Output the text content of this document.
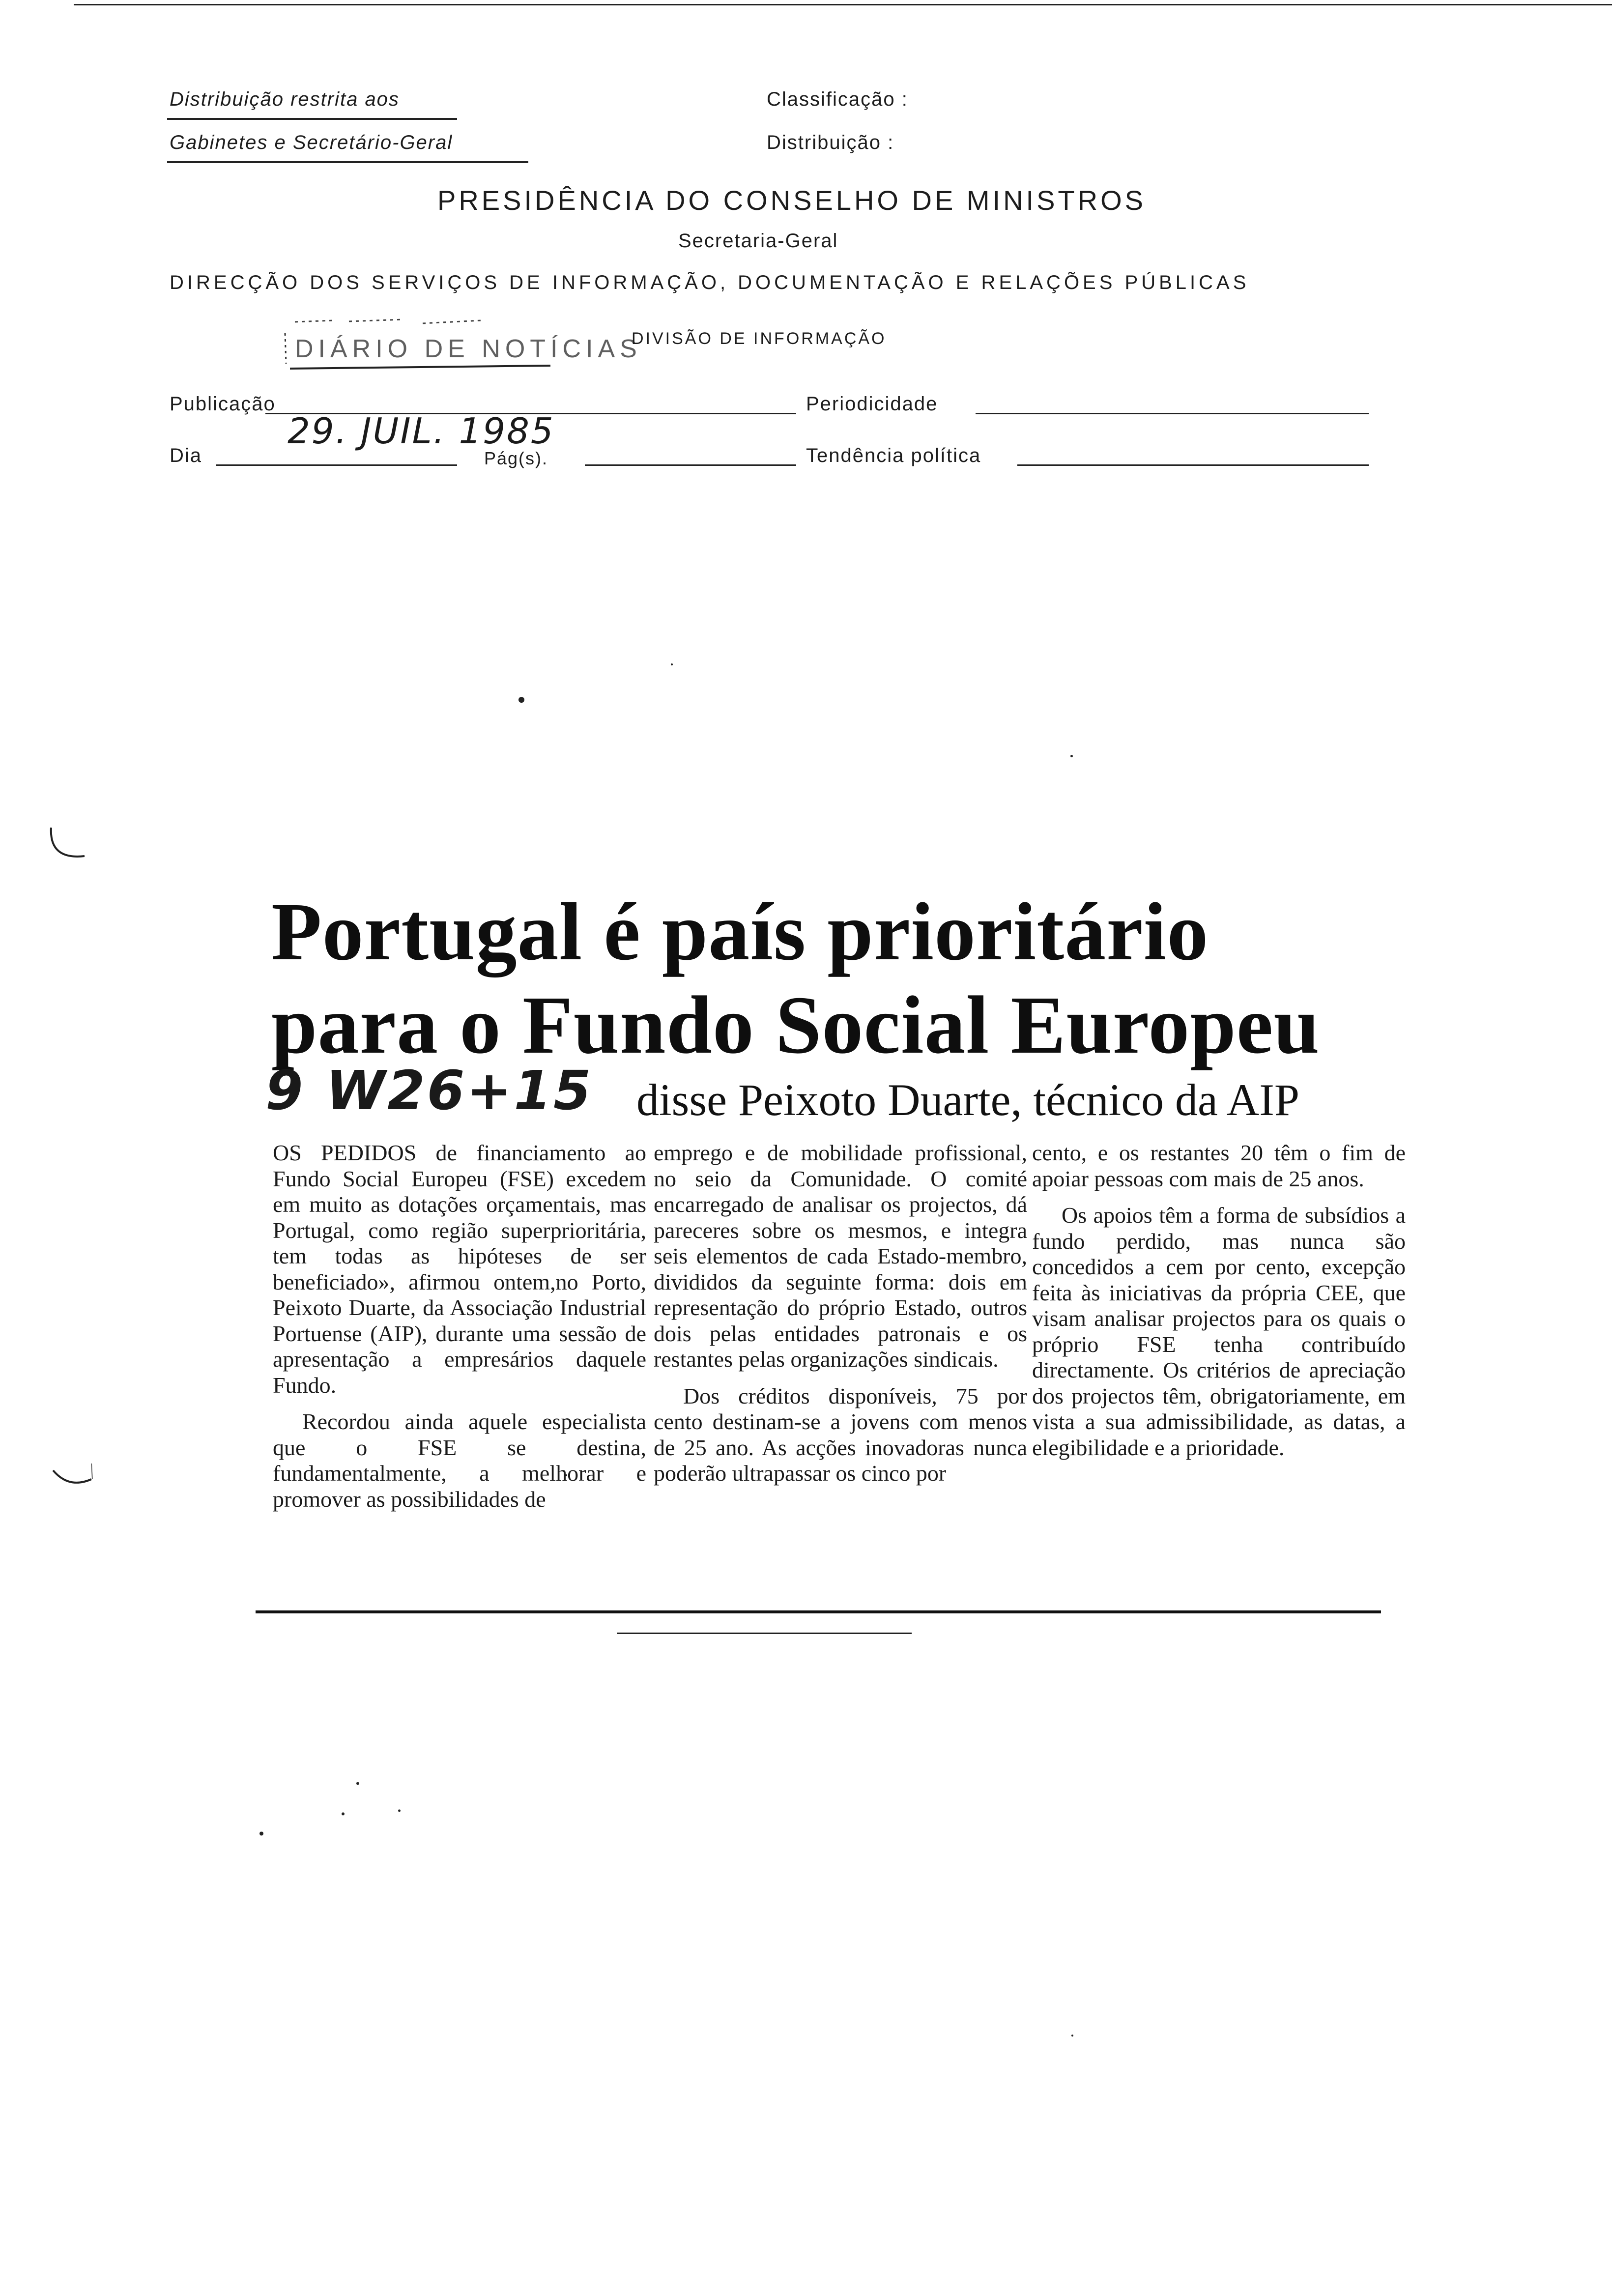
Distribuição restrita aos
Gabinetes e Secretário-Geral
Classificação :
Distribuição :
PRESIDÊNCIA DO CONSELHO DE MINISTROS
Secretaria-Geral
DIRECÇÃO DOS SERVIÇOS DE INFORMAÇÃO, DOCUMENTAÇÃO E RELAÇÕES PÚBLICAS
DIÁRIO DE NOTÍCIAS
DIVISÃO DE INFORMAÇÃO
Publicação	Periodicidade
Dia
29. JUIL. 1985
Pág(s).	Tendência política
Portugal é país prioritário
para o Fundo Social Europeu
disse Peixoto Duarte, técnico da AIP
9 W26+15

OS PEDIDOS de financiamento ao Fundo Social Europeu (FSE) excedem em muito as dotações orçamentais, mas Portugal, como região superprioritária, tem todas as hipóteses de ser beneficiado», afirmou ontem,no Porto, Peixoto Duarte, da Associação Industrial Portuense (AIP), durante uma sessão de apresentação a empresários daquele Fundo.

Recordou ainda aquele especialista que o FSE se destina, fundamentalmente, a melhorar e promover as possibilidades de

emprego e de mobilidade profissional, no seio da Comunidade. O comité encarregado de analisar os projectos, dá pareceres sobre os mesmos, e integra seis elementos de cada Estado-membro, divididos da seguinte forma: dois em representação do próprio Estado, outros dois pelas entidades patronais e os restantes pelas organizações sindicais.

Dos créditos disponíveis, 75 por cento destinam-se a jovens com menos de 25 ano. As acções inovadoras nunca poderão ultrapassar os cinco por

cento, e os restantes 20 têm o fim de apoiar pessoas com mais de 25 anos.

Os apoios têm a forma de subsídios a fundo perdido, mas nunca são concedidos a cem por cento, excepção feita às iniciativas da própria CEE, que visam analisar projectos para os quais o próprio FSE tenha contribuído directamente. Os critérios de apreciação dos projectos têm, obrigatoriamente, em vista a sua admissibilidade, as datas, a elegibilidade e a prioridade.
